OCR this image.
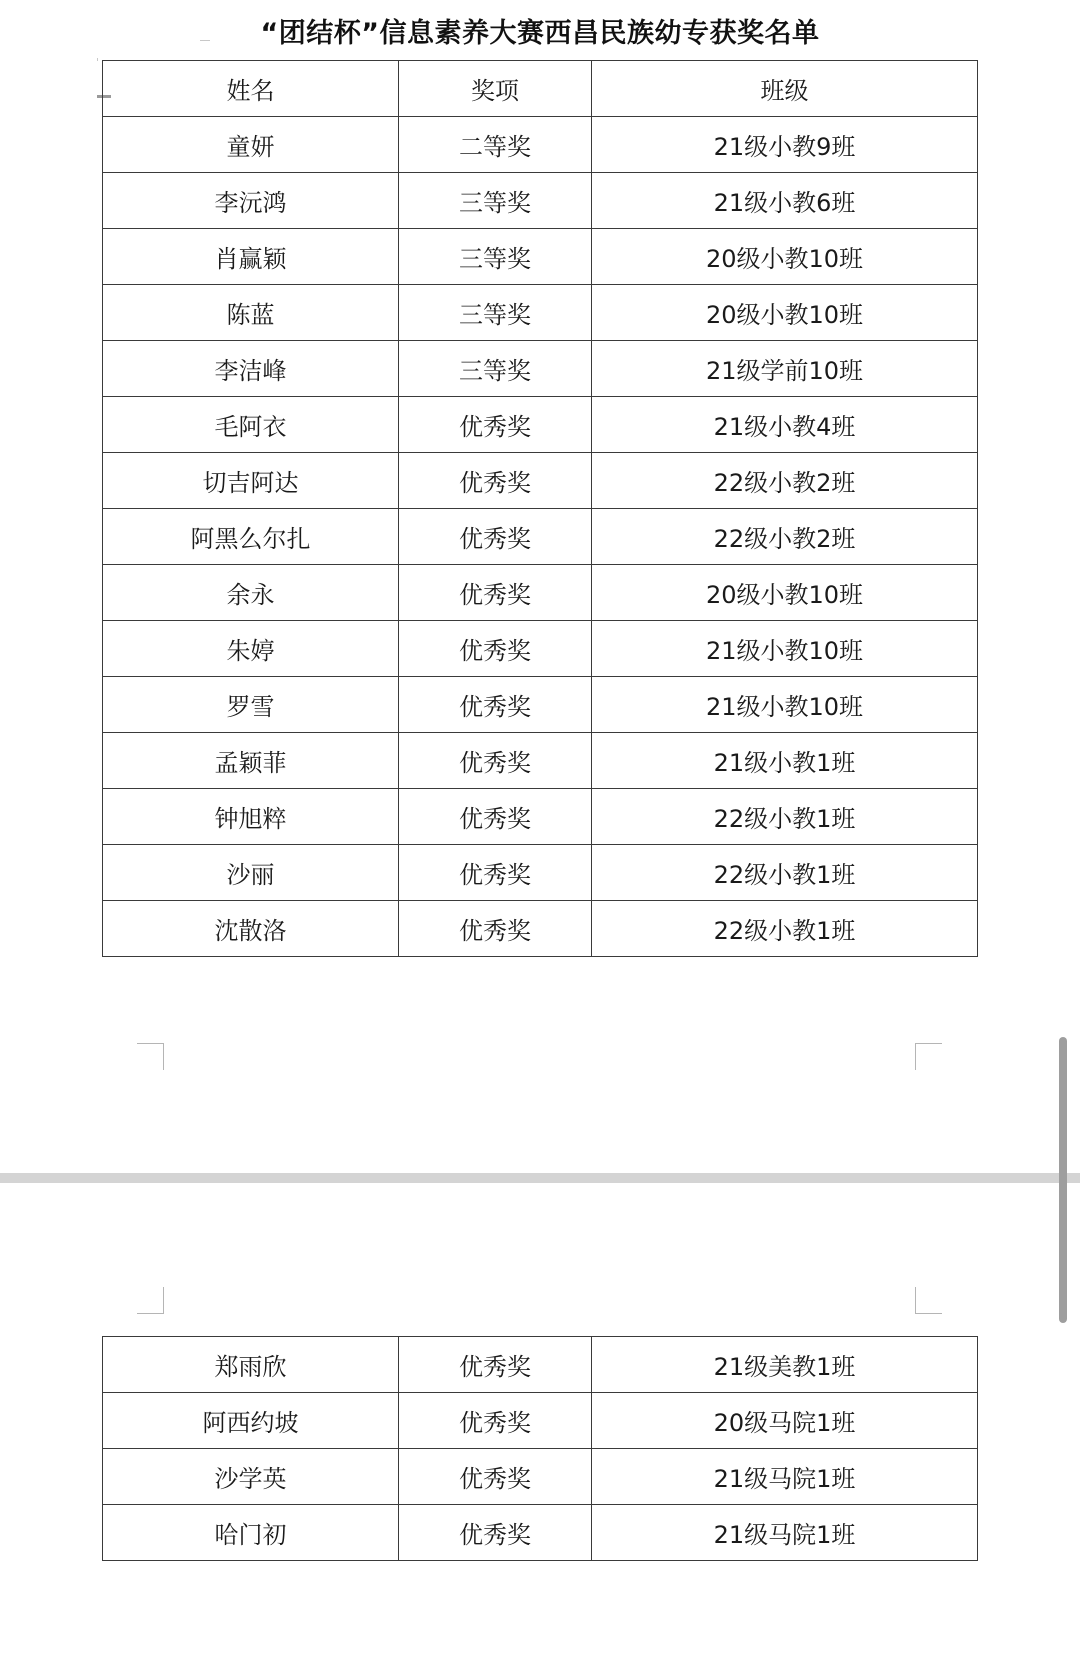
“团结杯”信息素养大赛西昌民族幼专获奖名单
姓名	奖项	班级
童妍	二等奖	21级小教9班
李沅鸿	三等奖	21级小教6班
肖赢颖	三等奖	20级小教10班
陈蓝	三等奖	20级小教10班
李洁峰	三等奖	21级学前10班
毛阿衣	优秀奖	21级小教4班
切吉阿达	优秀奖	22级小教2班
阿黑么尔扎	优秀奖	22级小教2班
余永	优秀奖	20级小教10班
朱婷	优秀奖	21级小教10班
罗雪	优秀奖	21级小教10班
孟颖菲	优秀奖	21级小教1班
钟旭粹	优秀奖	22级小教1班
沙丽	优秀奖	22级小教1班
沈散洛	优秀奖	22级小教1班
郑雨欣	优秀奖	21级美教1班
阿西约坡	优秀奖	20级马院1班
沙学英	优秀奖	21级马院1班
哈门初	优秀奖	21级马院1班
